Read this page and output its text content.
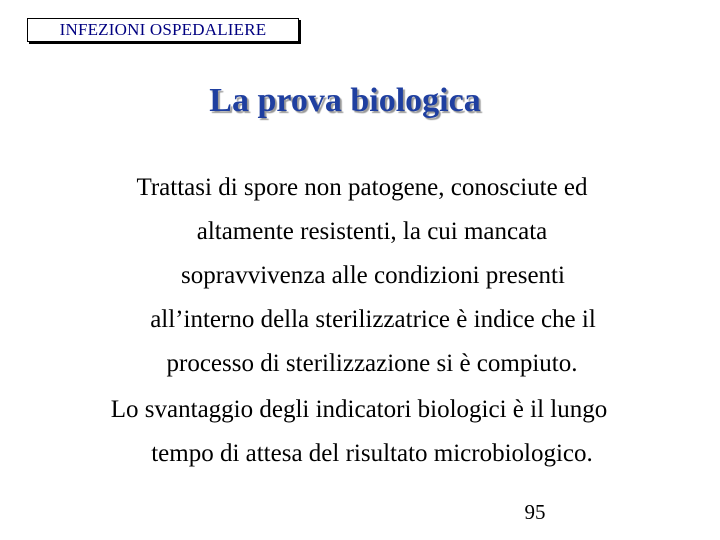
INFEZIONI OSPEDALIERE
La prova biologica
Trattasi di spore non patogene, conosciute ed
altamente resistenti, la cui mancata
sopravvivenza alle condizioni presenti
all’interno della sterilizzatrice è indice che il
processo di sterilizzazione si è compiuto.
Lo svantaggio degli indicatori biologici è il lungo
tempo di attesa del risultato microbiologico.
95
